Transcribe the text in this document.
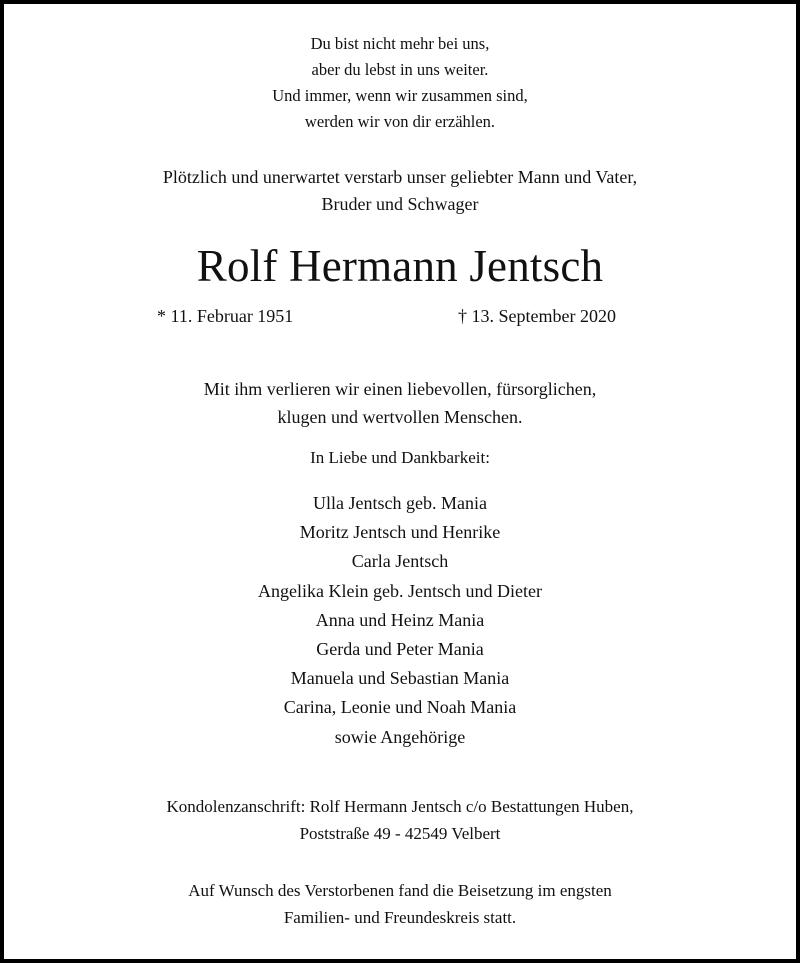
Du bist nicht mehr bei uns,
aber du lebst in uns weiter.
Und immer, wenn wir zusammen sind,
werden wir von dir erzählen.
Plötzlich und unerwartet verstarb unser geliebter Mann und Vater,
Bruder und Schwager
Rolf Hermann Jentsch
* 11. Februar 1951	† 13. September 2020
Mit ihm verlieren wir einen liebevollen, fürsorglichen,
klugen und wertvollen Menschen.
In Liebe und Dankbarkeit:
Ulla Jentsch geb. Mania
Moritz Jentsch und Henrike
Carla Jentsch
Angelika Klein geb. Jentsch und Dieter
Anna und Heinz Mania
Gerda und Peter Mania
Manuela und Sebastian Mania
Carina, Leonie und Noah Mania
sowie Angehörige
Kondolenzanschrift: Rolf Hermann Jentsch c/o Bestattungen Huben,
Poststraße 49 - 42549 Velbert
Auf Wunsch des Verstorbenen fand die Beisetzung im engsten
Familien- und Freundeskreis statt.
